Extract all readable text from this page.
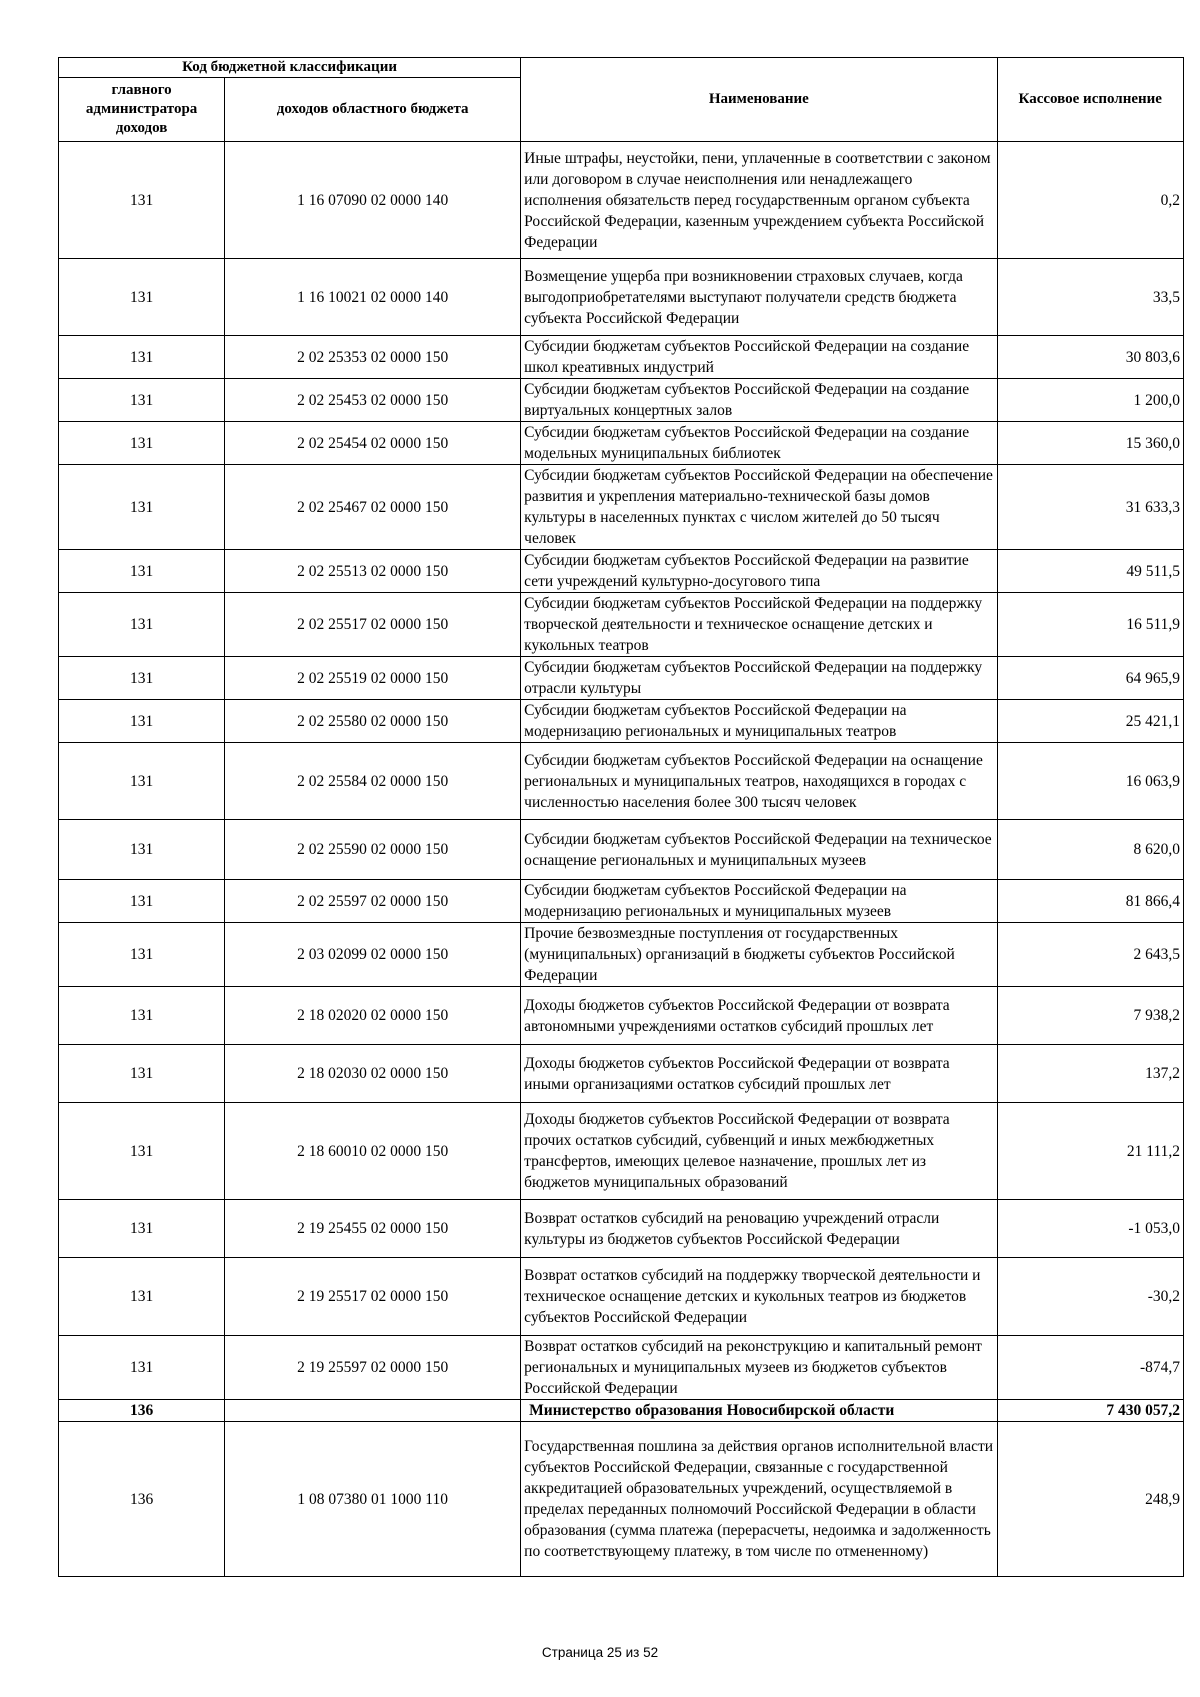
Код бюджетной классификации		Наименование	Кассовое исполнение
главного администратора доходов	доходов областного бюджета		
131	1 16 07090 02 0000 140	Иные штрафы, неустойки, пени, уплаченные в соответствии с законом или договором в случае неисполнения или ненадлежащего исполнения обязательств перед государственным органом субъекта Российской Федерации, казенным учреждением субъекта Российской Федерации	0,2
131	1 16 10021 02 0000 140	Возмещение ущерба при возникновении страховых случаев, когда выгодоприобретателями выступают получатели средств бюджета субъекта Российской Федерации	33,5
131	2 02 25353 02 0000 150	Субсидии бюджетам субъектов Российской Федерации на создание школ креативных индустрий	30 803,6
131	2 02 25453 02 0000 150	Субсидии бюджетам субъектов Российской Федерации на создание виртуальных концертных залов	1 200,0
131	2 02 25454 02 0000 150	Субсидии бюджетам субъектов Российской Федерации на создание модельных муниципальных библиотек	15 360,0
131	2 02 25467 02 0000 150	Субсидии бюджетам субъектов Российской Федерации на обеспечение развития и укрепления материально-технической базы домов культуры в населенных пунктах с числом жителей до 50 тысяч человек	31 633,3
131	2 02 25513 02 0000 150	Субсидии бюджетам субъектов Российской Федерации на развитие сети учреждений культурно-досугового типа	49 511,5
131	2 02 25517 02 0000 150	Субсидии бюджетам субъектов Российской Федерации на поддержку творческой деятельности и техническое оснащение детских и кукольных театров	16 511,9
131	2 02 25519 02 0000 150	Субсидии бюджетам субъектов Российской Федерации на поддержку отрасли культуры	64 965,9
131	2 02 25580 02 0000 150	Субсидии бюджетам субъектов Российской Федерации на модернизацию региональных и муниципальных театров	25 421,1
131	2 02 25584 02 0000 150	Субсидии бюджетам субъектов Российской Федерации на оснащение региональных и муниципальных театров, находящихся в городах с численностью населения более 300 тысяч человек	16 063,9
131	2 02 25590 02 0000 150	Субсидии бюджетам субъектов Российской Федерации на техническое оснащение региональных и муниципальных музеев	8 620,0
131	2 02 25597 02 0000 150	Субсидии бюджетам субъектов Российской Федерации на модернизацию региональных и муниципальных музеев	81 866,4
131	2 03 02099 02 0000 150	Прочие безвозмездные поступления от государственных (муниципальных) организаций в бюджеты субъектов Российской Федерации	2 643,5
131	2 18 02020 02 0000 150	Доходы бюджетов субъектов Российской Федерации от возврата автономными учреждениями остатков субсидий прошлых лет	7 938,2
131	2 18 02030 02 0000 150	Доходы бюджетов субъектов Российской Федерации от возврата иными организациями остатков субсидий прошлых лет	137,2
131	2 18 60010 02 0000 150	Доходы бюджетов субъектов Российской Федерации от возврата прочих остатков субсидий, субвенций и иных межбюджетных трансфертов, имеющих целевое назначение, прошлых лет из бюджетов муниципальных образований	21 111,2
131	2 19 25455 02 0000 150	Возврат остатков субсидий на реновацию учреждений отрасли культуры из бюджетов субъектов Российской Федерации	-1 053,0
131	2 19 25517 02 0000 150	Возврат остатков субсидий на поддержку творческой деятельности и техническое оснащение детских и кукольных театров из бюджетов субъектов Российской Федерации	-30,2
131	2 19 25597 02 0000 150	Возврат остатков субсидий на реконструкцию и капитальный ремонт региональных и муниципальных музеев из бюджетов субъектов Российской Федерации	-874,7
136		Министерство образования Новосибирской области	7 430 057,2
136	1 08 07380 01 1000 110	Государственная пошлина за действия органов исполнительной власти субъектов Российской Федерации, связанные с государственной аккредитацией образовательных учреждений, осуществляемой в пределах переданных полномочий Российской Федерации в области образования (сумма платежа (перерасчеты, недоимка и задолженность по соответствующему платежу, в том числе по отмененному)	248,9
Страница 25 из 52
